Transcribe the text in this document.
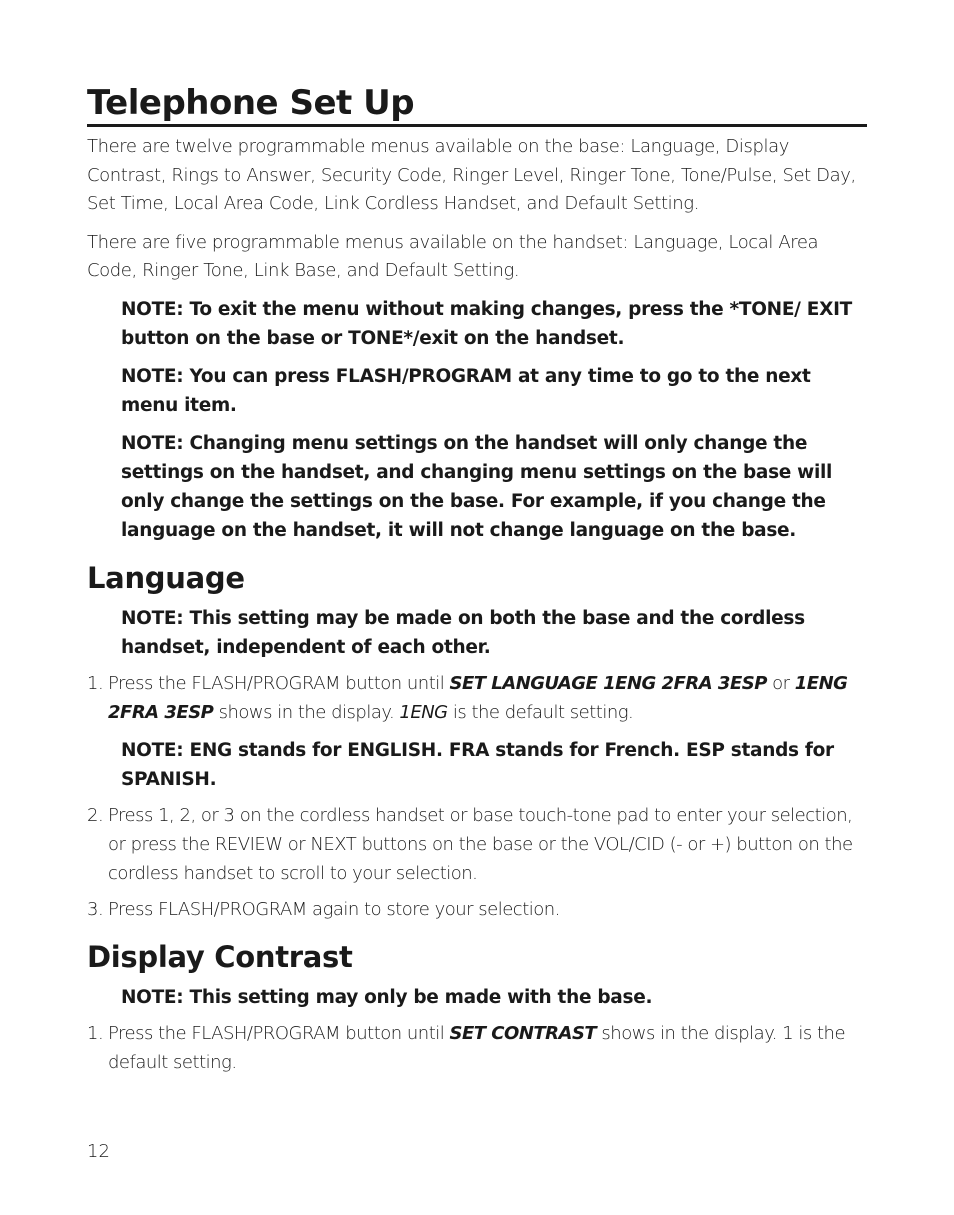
Telephone Set Up

There are twelve programmable menus available on the base: Language, Display Contrast, Rings to Answer, Security Code, Ringer Level, Ringer Tone, Tone/Pulse, Set Day, Set Time, Local Area Code, Link Cordless Handset, and Default Setting.

There are five programmable menus available on the handset: Language, Local Area Code, Ringer Tone, Link Base, and Default Setting.

NOTE: To exit the menu without making changes, press the *TONE/ EXIT button on the base or TONE*/exit on the handset.

NOTE: You can press FLASH/PROGRAM at any time to go to the next menu item.

NOTE: Changing menu settings on the handset will only change the settings on the handset, and changing menu settings on the base will only change the settings on the base. For example, if you change the language on the handset, it will not change language on the base.

Language

NOTE: This setting may be made on both the base and the cordless handset, independent of each other.

1. Press the FLASH/PROGRAM button until SET LANGUAGE 1ENG 2FRA 3ESP or 1ENG 2FRA 3ESP shows in the display. 1ENG is the default setting.

NOTE: ENG stands for ENGLISH. FRA stands for French. ESP stands for SPANISH.

2. Press 1, 2, or 3 on the cordless handset or base touch-tone pad to enter your selection, or press the REVIEW or NEXT buttons on the base or the VOL/CID (- or +) button on the cordless handset to scroll to your selection.

3. Press FLASH/PROGRAM again to store your selection.

Display Contrast

NOTE: This setting may only be made with the base.

1. Press the FLASH/PROGRAM button until SET CONTRAST shows in the display. 1 is the default setting.

12
